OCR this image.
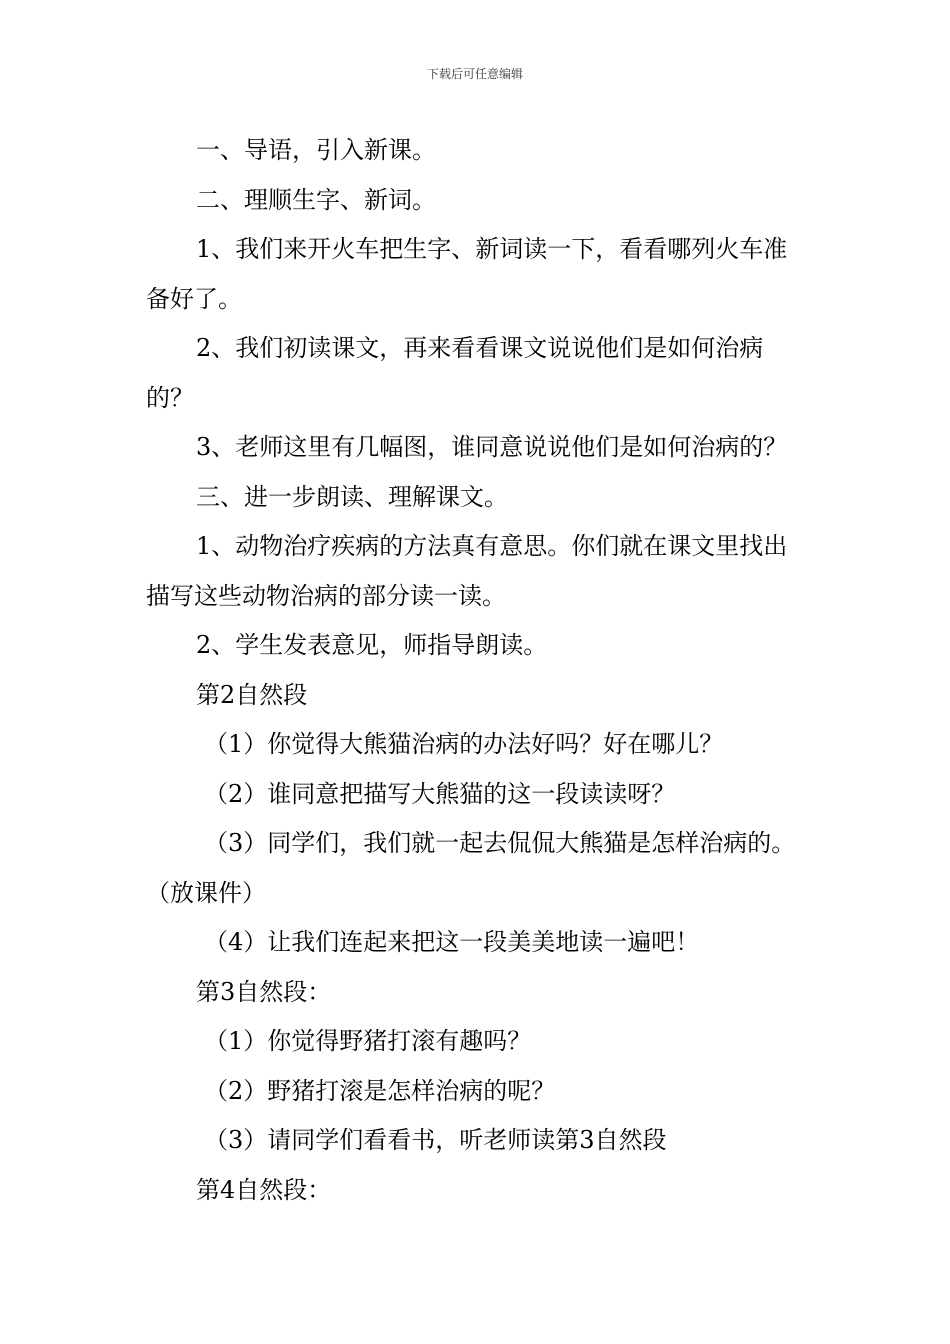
下载后可任意编辑

一、导语，引入新课。

二、理顺生字、新词。

1、我们来开火车把生字、新词读一下，看看哪列火车准备好了。

2、我们初读课文，再来看看课文说说他们是如何治病的？

3、老师这里有几幅图，谁同意说说他们是如何治病的？

三、进一步朗读、理解课文。

1、动物治疗疾病的方法真有意思。你们就在课文里找出描写这些动物治病的部分读一读。

2、学生发表意见，师指导朗读。

第2自然段

（1）你觉得大熊猫治病的办法好吗？好在哪儿？

（2）谁同意把描写大熊猫的这一段读读呀？

（3）同学们，我们就一起去侃侃大熊猫是怎样治病的。

（放课件）

（4）让我们连起来把这一段美美地读一遍吧！

第3自然段：

（1）你觉得野猪打滚有趣吗？

（2）野猪打滚是怎样治病的呢？

（3）请同学们看看书，听老师读第3自然段

第4自然段：
